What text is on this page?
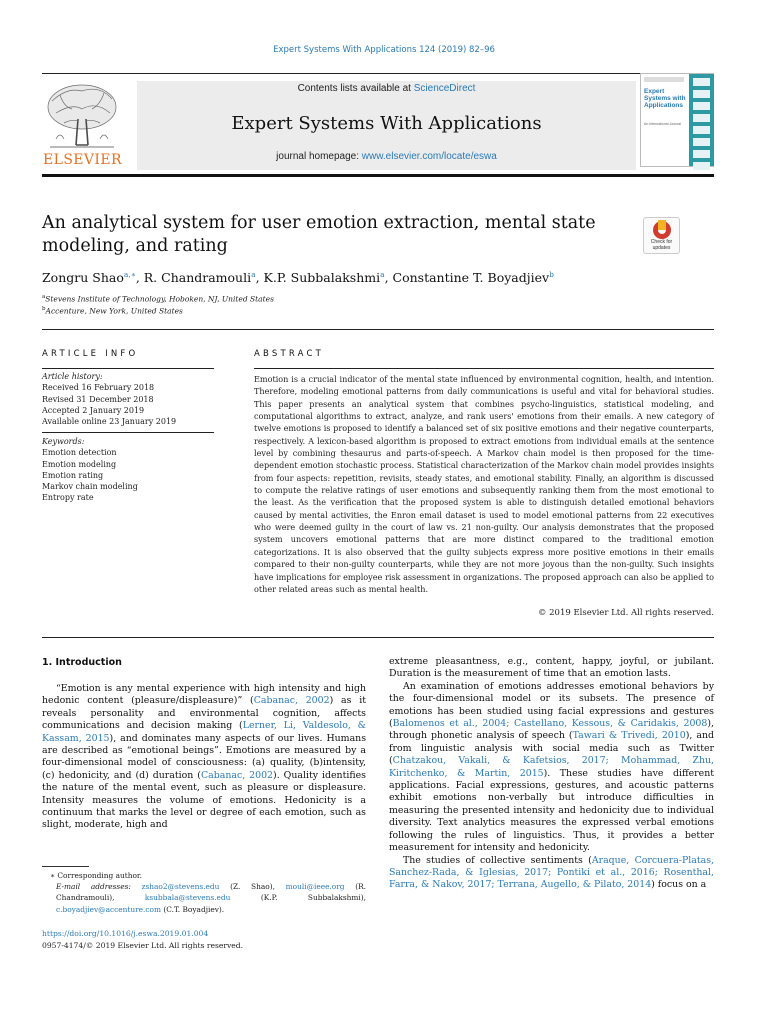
Expert Systems With Applications 124 (2019) 82–96
ELSEVIER
Contents lists available at ScienceDirect
Expert Systems With Applications
journal homepage: www.elsevier.com/locate/eswa
Expert Systems with Applications
An International Journal
An analytical system for user emotion extraction, mental state
modeling, and rating	Check for
updates
Zongru Shao$^{a,∗}$, R. Chandramouli$^a$, K.P. Subbalakshmi$^a$, Constantine T. Boyadjiev$^b$
$^a$Stevens Institute of Technology, Hoboken, NJ, United States
$^b$Accenture, New York, United States
ARTICLE INFO
Article history:
Received 16 February 2018
Revised 31 December 2018
Accepted 2 January 2019
Available online 23 January 2019
Keywords:
Emotion detection
Emotion modeling
Emotion rating
Markov chain modeling
Entropy rate
ABSTRACT
Emotion is a crucial indicator of the mental state influenced by environmental cognition, health, and intention. Therefore, modeling emotional patterns from daily communications is useful and vital for behavioral studies. This paper presents an analytical system that combines psycho-linguistics, statistical modeling, and computational algorithms to extract, analyze, and rank users' emotions from their emails. A new category of twelve emotions is proposed to identify a balanced set of six positive emotions and their negative counterparts, respectively. A lexicon-based algorithm is proposed to extract emotions from individual emails at the sentence level by combining thesaurus and parts-of-speech. A Markov chain model is then proposed for the time-dependent emotion stochastic process. Statistical characterization of the Markov chain model provides insights from four aspects: repetition, revisits, steady states, and emotional stability. Finally, an algorithm is discussed to compute the relative ratings of user emotions and subsequently ranking them from the most emotional to the least. As the verification that the proposed system is able to distinguish detailed emotional behaviors caused by mental activities, the Enron email dataset is used to model emotional patterns from 22 executives who were deemed guilty in the court of law vs. 21 non-guilty. Our analysis demonstrates that the proposed system uncovers emotional patterns that are more distinct compared to the traditional emotion categorizations. It is also observed that the guilty subjects express more positive emotions in their emails compared to their non-guilty counterparts, while they are not more joyous than the non-guilty. Such insights have implications for employee risk assessment in organizations. The proposed approach can also be applied to other related areas such as mental health.
© 2019 Elsevier Ltd. All rights reserved.
1. Introduction

“Emotion is any mental experience with high intensity and high hedonic content (pleasure/displeasure)” (Cabanac, 2002) as it reveals personality and environmental cognition, affects communications and decision making (Lerner, Li, Valdesolo, & Kassam, 2015), and dominates many aspects of our lives. Humans are described as “emotional beings”. Emotions are measured by a four-dimensional model of consciousness: (a) quality, (b)intensity, (c) hedonicity, and (d) duration (Cabanac, 2002). Quality identifies the nature of the mental event, such as pleasure or displeasure. Intensity measures the volume of emotions. Hedonicity is a continuum that marks the level or degree of each emotion, such as slight, moderate, high and

extreme pleasantness, e.g., content, happy, joyful, or jubilant. Duration is the measurement of time that an emotion lasts.

An examination of emotions addresses emotional behaviors by the four-dimensional model or its subsets. The presence of emotions has been studied using facial expressions and gestures (Balomenos et al., 2004; Castellano, Kessous, & Caridakis, 2008), through phonetic analysis of speech (Tawari & Trivedi, 2010), and from linguistic analysis with social media such as Twitter (Chatzakou, Vakali, & Kafetsios, 2017; Mohammad, Zhu, Kiritchenko, & Martin, 2015). These studies have different applications. Facial expressions, gestures, and acoustic patterns exhibit emotions non-verbally but introduce difficulties in measuring the presented intensity and hedonicity due to individual diversity. Text analytics measures the expressed verbal emotions following the rules of linguistics. Thus, it provides a better measurement for intensity and hedonicity.

The studies of collective sentiments (Araque, Corcuera-Platas, Sanchez-Rada, & Iglesias, 2017; Pontiki et al., 2016; Rosenthal, Farra, & Nakov, 2017; Terrana, Augello, & Pilato, 2014) focus on a

∗ Corresponding author.
E-mail addresses: zshao2@stevens.edu (Z. Shao), mouli@ieee.org (R. Chandramouli), ksubbala@stevens.edu (K.P. Subbalakshmi), c.boyadjiev@accenture.com (C.T. Boyadjiev).
https://doi.org/10.1016/j.eswa.2019.01.004
0957-4174/© 2019 Elsevier Ltd. All rights reserved.
